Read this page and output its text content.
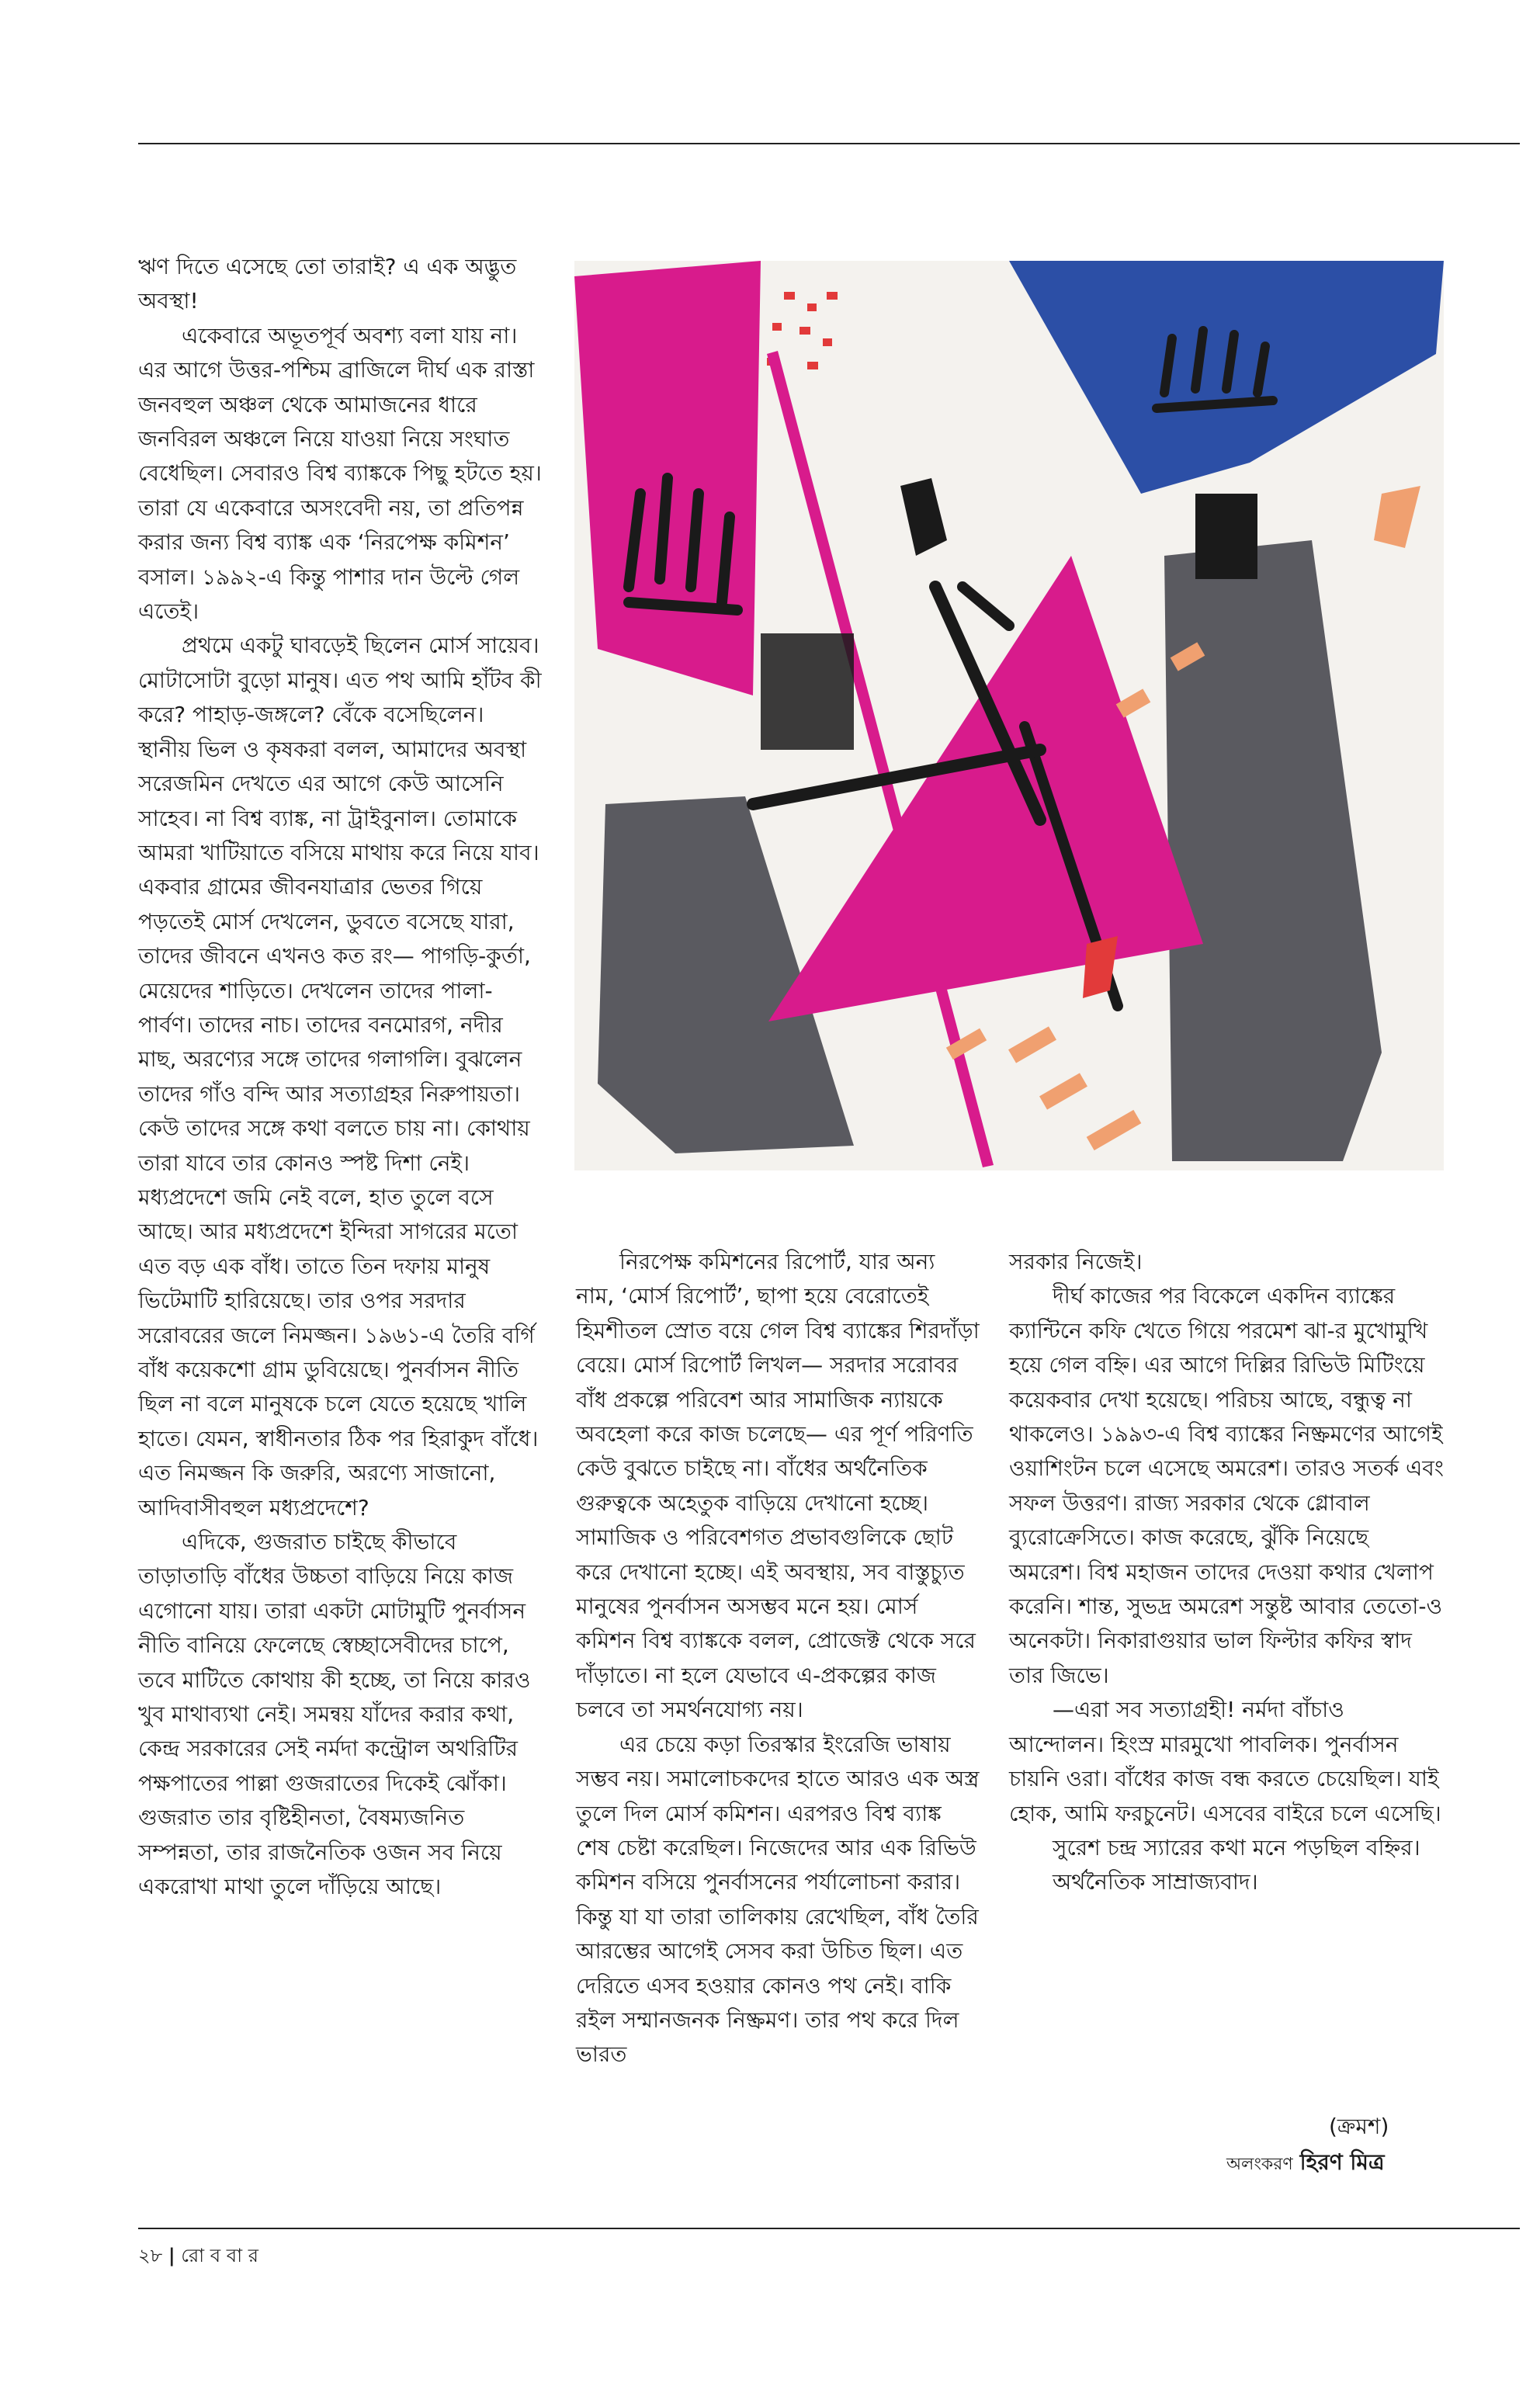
ঋণ দিতে এসেছে তো তারাই? এ এক অদ্ভুত অবস্থা!

একেবারে অভূতপূর্ব অবশ্য বলা যায় না। এর আগে উত্তর-পশ্চিম ব্রাজিলে দীর্ঘ এক রাস্তা জনবহুল অঞ্চল থেকে আমাজনের ধারে জনবিরল অঞ্চলে নিয়ে যাওয়া নিয়ে সংঘাত বেধেছিল। সেবারও বিশ্ব ব্যাঙ্ককে পিছু হটতে হয়। তারা যে একেবারে অসংবেদী নয়, তা প্রতিপন্ন করার জন্য বিশ্ব ব্যাঙ্ক এক ‘নিরপেক্ষ কমিশন’ বসাল। ১৯৯২-এ কিন্তু পাশার দান উল্টে গেল এতেই।

প্রথমে একটু ঘাবড়েই ছিলেন মোর্স সায়েব। মোটাসোটা বুড়ো মানুষ। এত পথ আমি হাঁটব কী করে? পাহাড়-জঙ্গলে? বেঁকে বসেছিলেন। স্থানীয় ভিল ও কৃষকরা বলল, আমাদের অবস্থা সরেজমিন দেখতে এর আগে কেউ আসেনি সাহেব। না বিশ্ব ব্যাঙ্ক, না ট্রাইবুনাল। তোমাকে আমরা খাটিয়াতে বসিয়ে মাথায় করে নিয়ে যাব। একবার গ্রামের জীবনযাত্রার ভেতর গিয়ে পড়তেই মোর্স দেখলেন, ডুবতে বসেছে যারা, তাদের জীবনে এখনও কত রং— পাগড়ি-কুর্তা, মেয়েদের শাড়িতে। দেখলেন তাদের পালা-পার্বণ। তাদের নাচ। তাদের বনমোরগ, নদীর মাছ, অরণ্যের সঙ্গে তাদের গলাগলি। বুঝলেন তাদের গাঁও বন্দি আর সত্যাগ্রহর নিরুপায়তা। কেউ তাদের সঙ্গে কথা বলতে চায় না। কোথায় তারা যাবে তার কোনও স্পষ্ট দিশা নেই। মধ্যপ্রদেশে জমি নেই বলে, হাত তুলে বসে আছে। আর মধ্যপ্রদেশে ইন্দিরা সাগরের মতো এত বড় এক বাঁধ। তাতে তিন দফায় মানুষ ভিটেমাটি হারিয়েছে। তার ওপর সরদার সরোবরের জলে নিমজ্জন। ১৯৬১-এ তৈরি বর্গি বাঁধ কয়েকশো গ্রাম ডুবিয়েছে। পুনর্বাসন নীতি ছিল না বলে মানুষকে চলে যেতে হয়েছে খালি হাতে। যেমন, স্বাধীনতার ঠিক পর হিরাকুদ বাঁধে। এত নিমজ্জন কি জরুরি, অরণ্যে সাজানো, আদিবাসীবহুল মধ্যপ্রদেশে?

এদিকে, গুজরাত চাইছে কীভাবে তাড়াতাড়ি বাঁধের উচ্চতা বাড়িয়ে নিয়ে কাজ এগোনো যায়। তারা একটা মোটামুটি পুনর্বাসন নীতি বানিয়ে ফেলেছে স্বেচ্ছাসেবীদের চাপে, তবে মাটিতে কোথায় কী হচ্ছে, তা নিয়ে কারও খুব মাথাব্যথা নেই। সমন্বয় যাঁদের করার কথা, কেন্দ্র সরকারের সেই নর্মদা কন্ট্রোল অথরিটির পক্ষপাতের পাল্লা গুজরাতের দিকেই ঝোঁকা। গুজরাত তার বৃষ্টিহীনতা, বৈষম্যজনিত সম্পন্নতা, তার রাজনৈতিক ওজন সব নিয়ে একরোখা মাথা তুলে দাঁড়িয়ে আছে।

নিরপেক্ষ কমিশনের রিপোর্ট, যার অন্য নাম, ‘মোর্স রিপোর্ট’, ছাপা হয়ে বেরোতেই হিমশীতল স্রোত বয়ে গেল বিশ্ব ব্যাঙ্কের শিরদাঁড়া বেয়ে। মোর্স রিপোর্ট লিখল— সরদার সরোবর বাঁধ প্রকল্পে পরিবেশ আর সামাজিক ন্যায়কে অবহেলা করে কাজ চলেছে— এর পূর্ণ পরিণতি কেউ বুঝতে চাইছে না। বাঁধের অর্থনৈতিক গুরুত্বকে অহেতুক বাড়িয়ে দেখানো হচ্ছে। সামাজিক ও পরিবেশগত প্রভাবগুলিকে ছোট করে দেখানো হচ্ছে। এই অবস্থায়, সব বাস্তুচ্যুত মানুষের পুনর্বাসন অসম্ভব মনে হয়। মোর্স কমিশন বিশ্ব ব্যাঙ্ককে বলল, প্রোজেক্ট থেকে সরে দাঁড়াতে। না হলে যেভাবে এ-প্রকল্পের কাজ চলবে তা সমর্থনযোগ্য নয়।

এর চেয়ে কড়া তিরস্কার ইংরেজি ভাষায় সম্ভব নয়। সমালোচকদের হাতে আরও এক অস্ত্র তুলে দিল মোর্স কমিশন। এরপরও বিশ্ব ব্যাঙ্ক শেষ চেষ্টা করেছিল। নিজেদের আর এক রিভিউ কমিশন বসিয়ে পুনর্বাসনের পর্যালোচনা করার। কিন্তু যা যা তারা তালিকায় রেখেছিল, বাঁধ তৈরি আরম্ভের আগেই সেসব করা উচিত ছিল। এত দেরিতে এসব হওয়ার কোনও পথ নেই। বাকি রইল সম্মানজনক নিষ্ক্রমণ। তার পথ করে দিল ভারত

সরকার নিজেই।

দীর্ঘ কাজের পর বিকেলে একদিন ব্যাঙ্কের ক্যান্টিনে কফি খেতে গিয়ে পরমেশ ঝা-র মুখোমুখি হয়ে গেল বহ্নি। এর আগে দিল্লির রিভিউ মিটিংয়ে কয়েকবার দেখা হয়েছে। পরিচয় আছে, বন্ধুত্ব না থাকলেও। ১৯৯৩-এ বিশ্ব ব্যাঙ্কের নিষ্ক্রমণের আগেই ওয়াশিংটন চলে এসেছে অমরেশ। তারও সতর্ক এবং সফল উত্তরণ। রাজ্য সরকার থেকে গ্লোবাল ব্যুরোক্রেসিতে। কাজ করেছে, ঝুঁকি নিয়েছে অমরেশ। বিশ্ব মহাজন তাদের দেওয়া কথার খেলাপ করেনি। শান্ত, সুভদ্র অমরেশ সন্তুষ্ট আবার তেতো-ও অনেকটা। নিকারাগুয়ার ভাল ফিল্টার কফির স্বাদ তার জিভে।

—এরা সব সত্যাগ্রহী! নর্মদা বাঁচাও আন্দোলন। হিংস্র মারমুখো পাবলিক। পুনর্বাসন চায়নি ওরা। বাঁধের কাজ বন্ধ করতে চেয়েছিল। যাই হোক, আমি ফরচুনেট। এসবের বাইরে চলে এসেছি।

সুরেশ চন্দ্র স্যারের কথা মনে পড়ছিল বহ্নির।

অর্থনৈতিক সাম্রাজ্যবাদ।

(ক্রমশ)
অলংকরণ হিরণ মিত্র
২৮ | রো ব বা র
